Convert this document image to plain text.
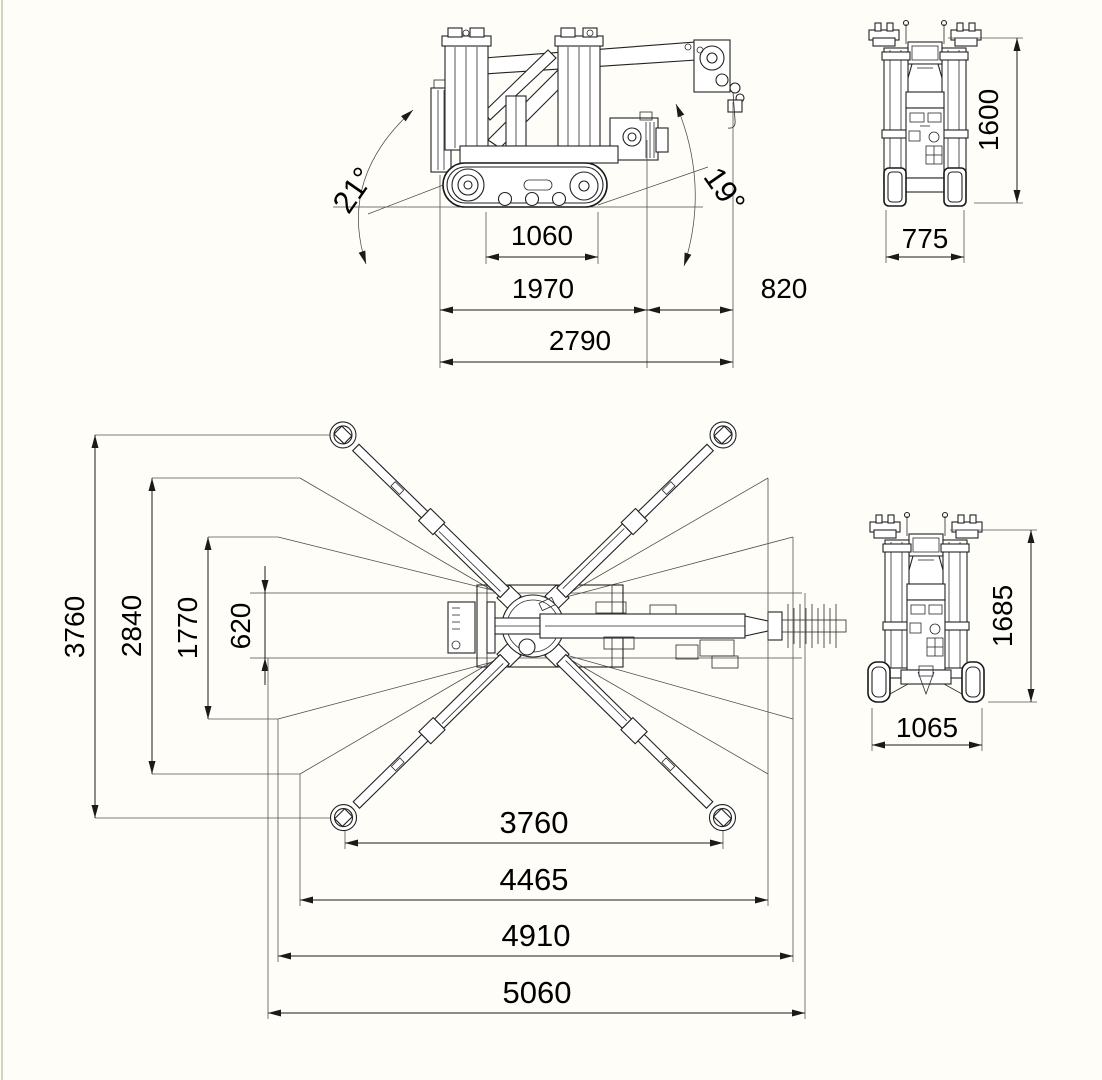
1060
1970	820
2790
21°	19°
1600
775
3760 2840 1770 620
3760
4465
4910
5060
1685
1065
